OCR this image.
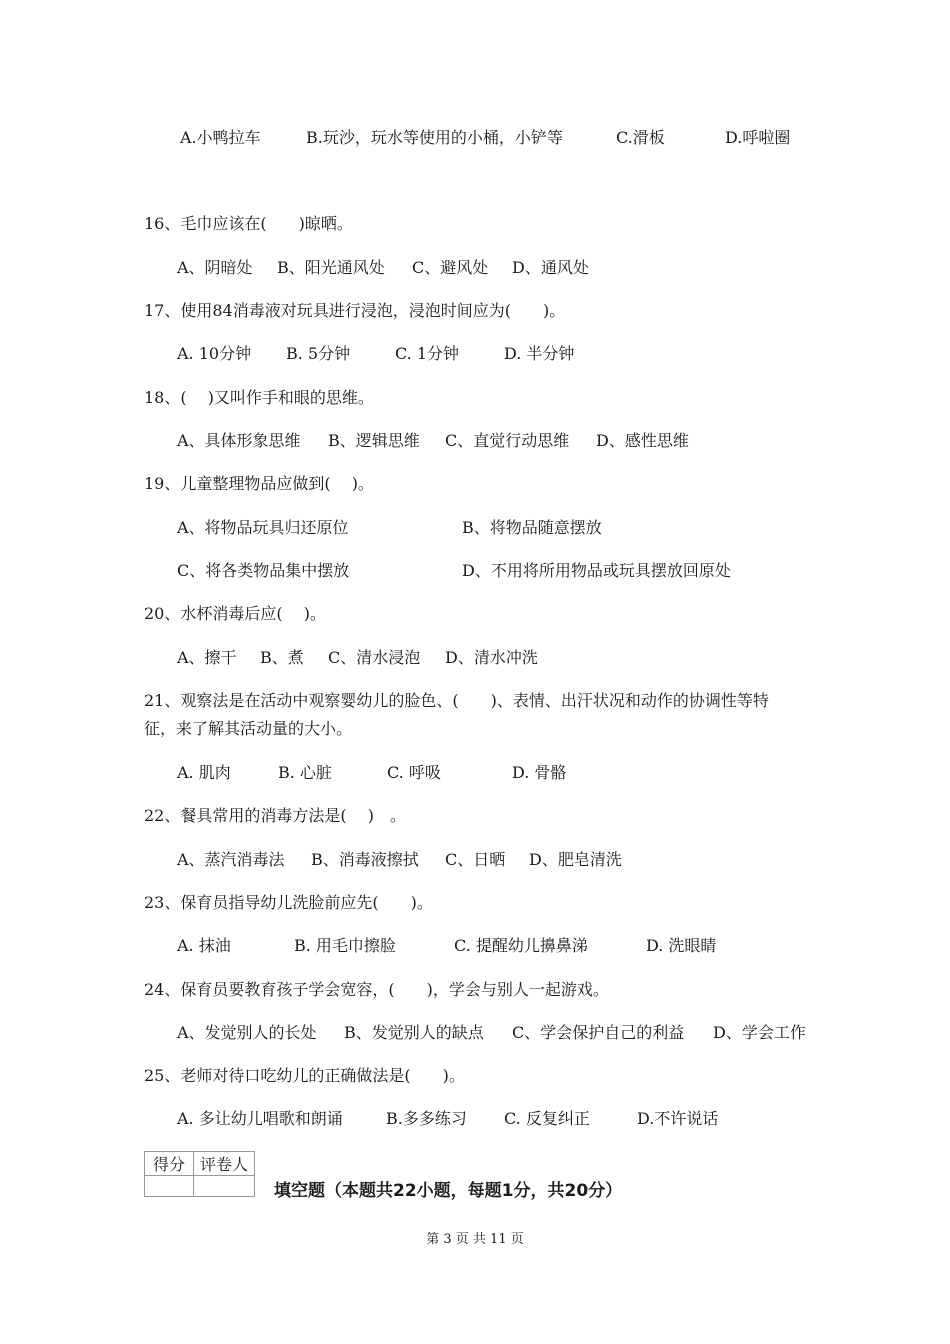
A.小鸭拉车	B.玩沙，玩水等使用的小桶，小铲等	C.滑板	D.呼啦圈
16、毛巾应该在(　　)晾晒。
A、阴暗处 B、阳光通风处 C、避风处 D、通风处
17、使用84消毒液对玩具进行浸泡，浸泡时间应为(　　)。
A. 10分钟 B. 5分钟	C. 1分钟	D. 半分钟
18、(　 )又叫作手和眼的思维。
A、具体形象思维 B、逻辑思维 C、直觉行动思维 D、感性思维
19、儿童整理物品应做到(　 )。
A、将物品玩具归还原位	B、将物品随意摆放
C、将各类物品集中摆放	D、不用将所用物品或玩具摆放回原处
20、水杯消毒后应(　 )。
A、擦干 B、煮 C、清水浸泡 D、清水冲洗
21、观察法是在活动中观察婴幼儿的脸色、(　　)、表情、出汗状况和动作的协调性等特
征，来了解其活动量的大小。
A. 肌肉	B. 心脏	C. 呼吸	D. 骨骼
22、餐具常用的消毒方法是(　 )　。
A、蒸汽消毒法 B、消毒液擦拭 C、日晒 D、肥皂清洗
23、保育员指导幼儿洗脸前应先(　　)。
A. 抹油	B. 用毛巾擦脸	C. 提醒幼儿擤鼻涕	D. 洗眼睛
24、保育员要教育孩子学会宽容，(　　)，学会与别人一起游戏。
A、发觉别人的长处 B、发觉别人的缺点 C、学会保护自己的利益 D、学会工作
25、老师对待口吃幼儿的正确做法是(　　)。
A. 多让幼儿唱歌和朗诵	B.多多练习 C. 反复纠正	D.不许说话
得分	评卷人

填空题（本题共22小题，每题1分，共20分）
第 3 页 共 11 页
